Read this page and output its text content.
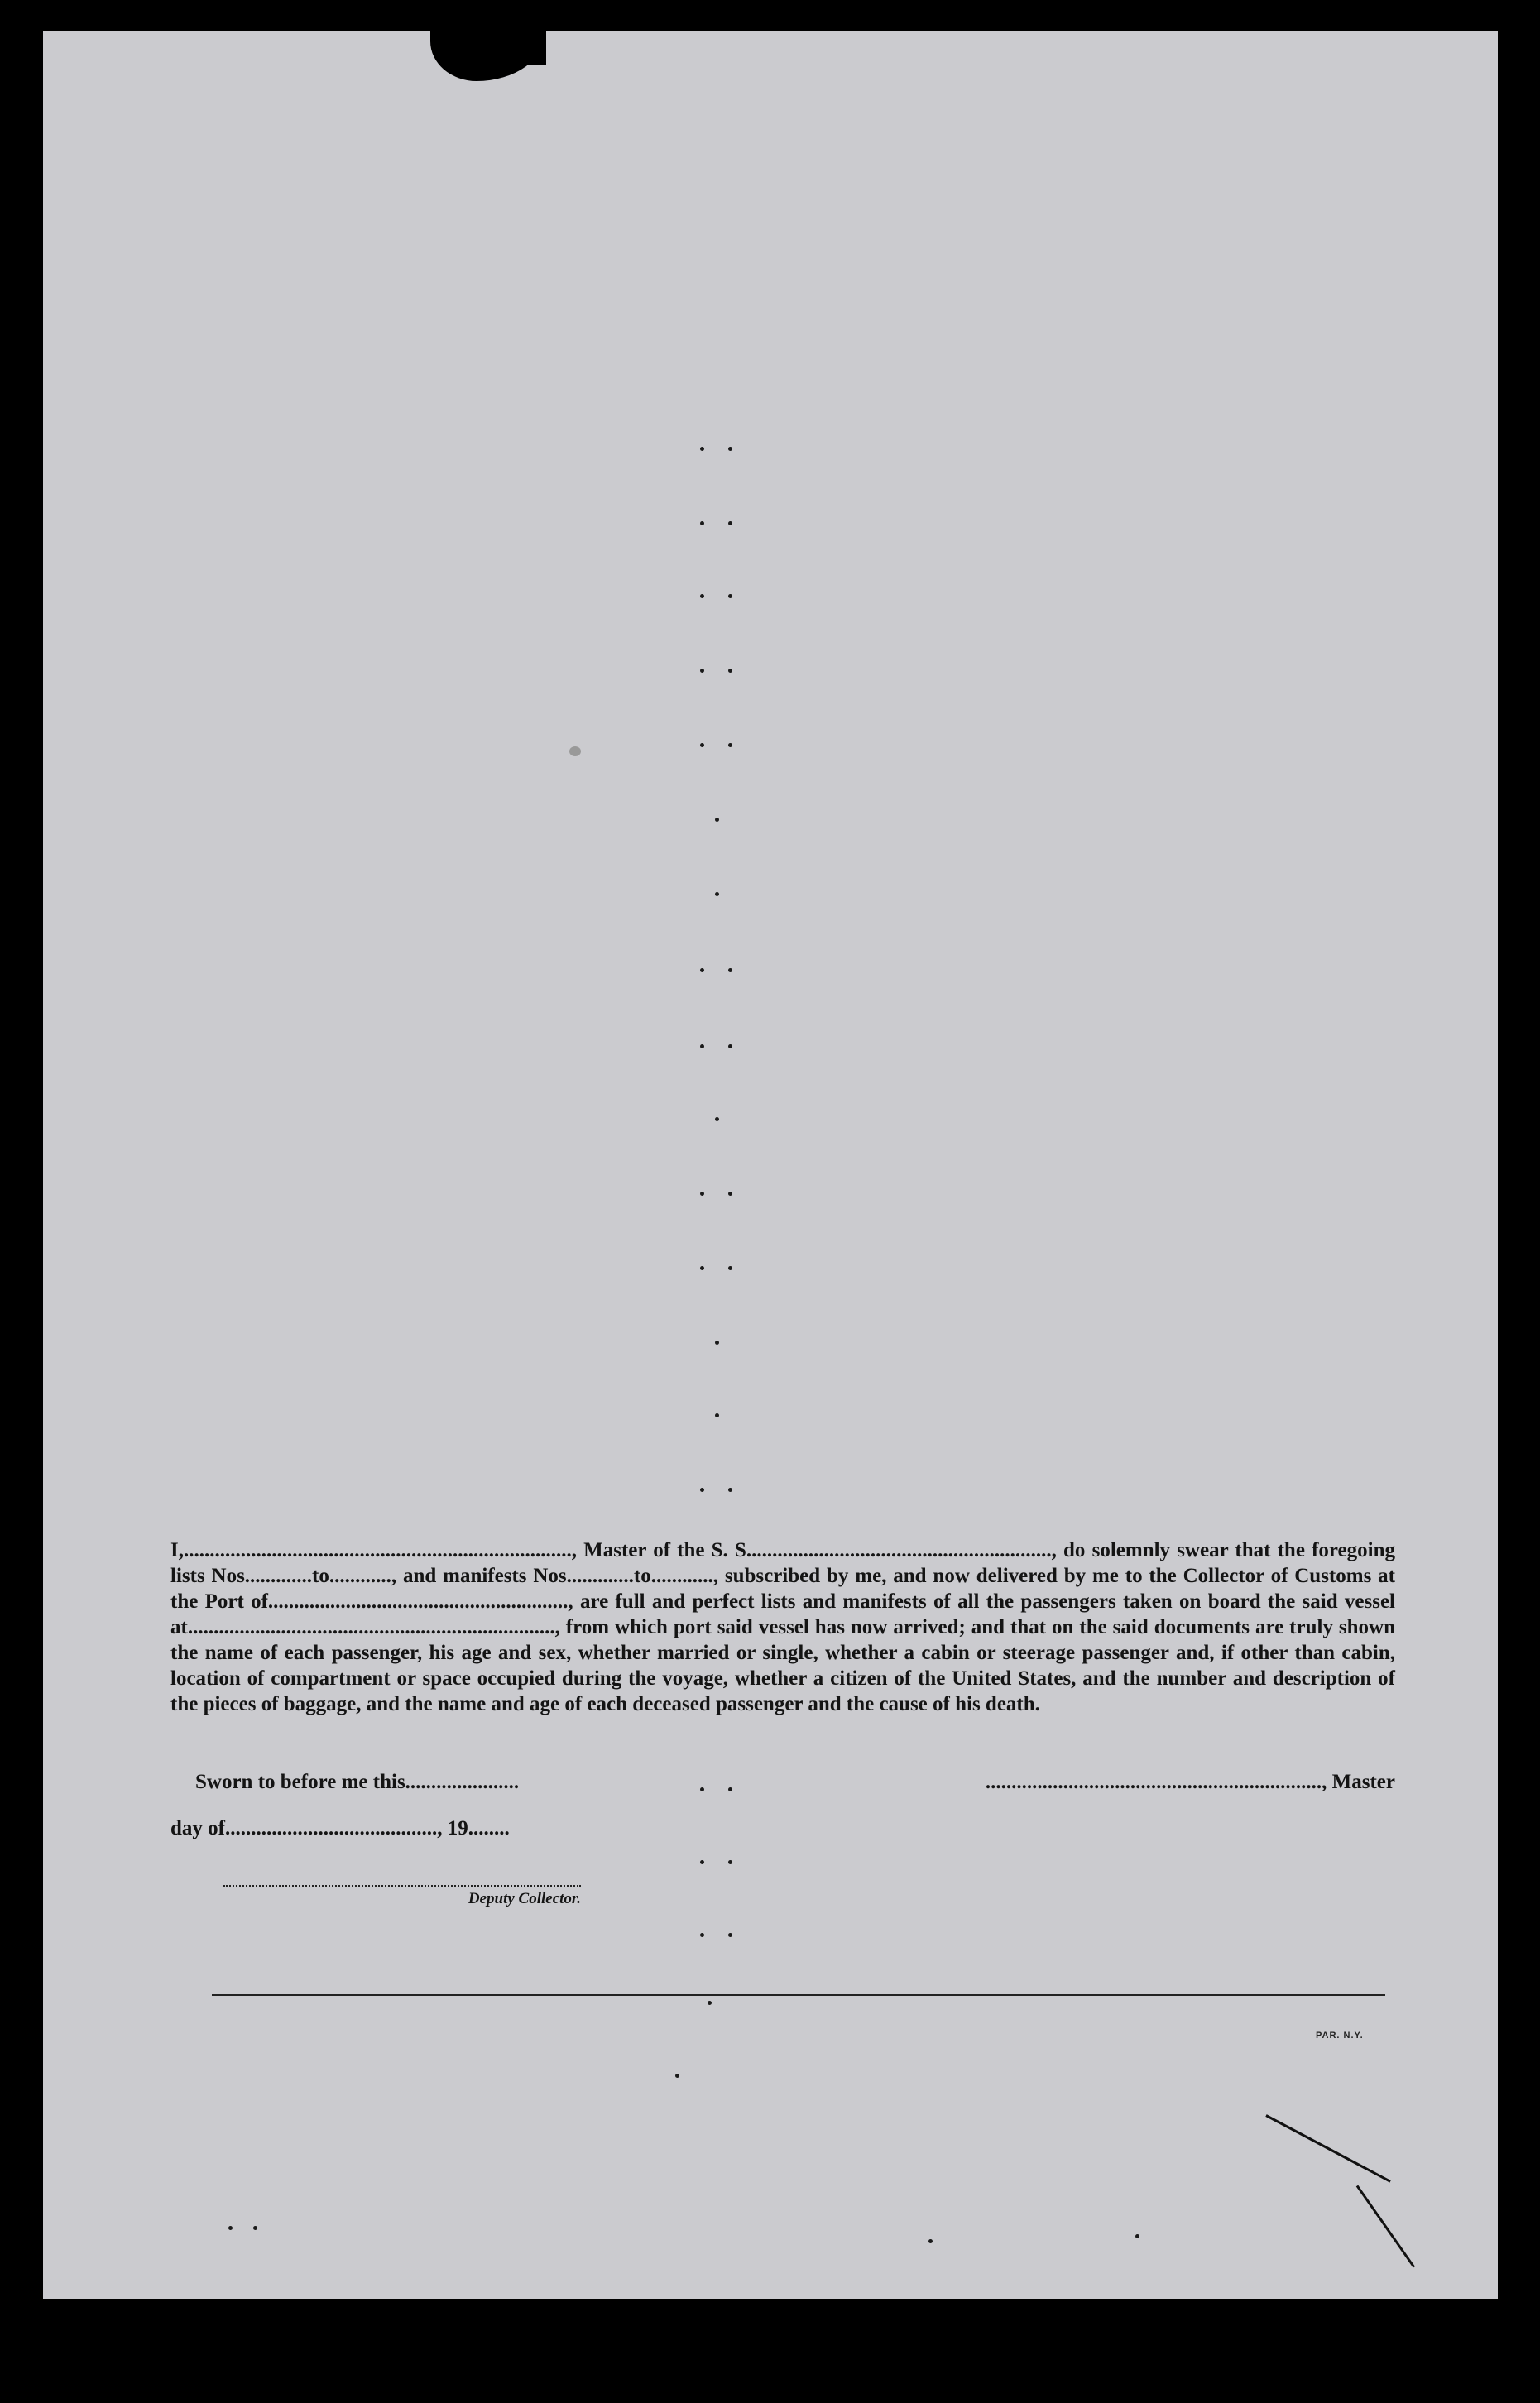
I,..........................................................................., Master of the S. S..........................................................., do solemnly swear that the foregoing lists Nos.............to............, and manifests Nos.............to............, subscribed by me, and now delivered by me to the Collector of Customs at the Port of.........................................................., are full and perfect lists and manifests of all the passengers taken on board the said vessel at......................................................................., from which port said vessel has now arrived; and that on the said documents are truly shown the name of each passenger, his age and sex, whether married or single, whether a cabin or steerage passenger and, if other than cabin, location of compartment or space occupied during the voyage, whether a citizen of the United States, and the number and description of the pieces of baggage, and the name and age of each deceased passenger and the cause of his death.

Sworn to before me this......................
day of........................................., 19........
................................................................., Master
Deputy Collector.
PAR. N.Y.
